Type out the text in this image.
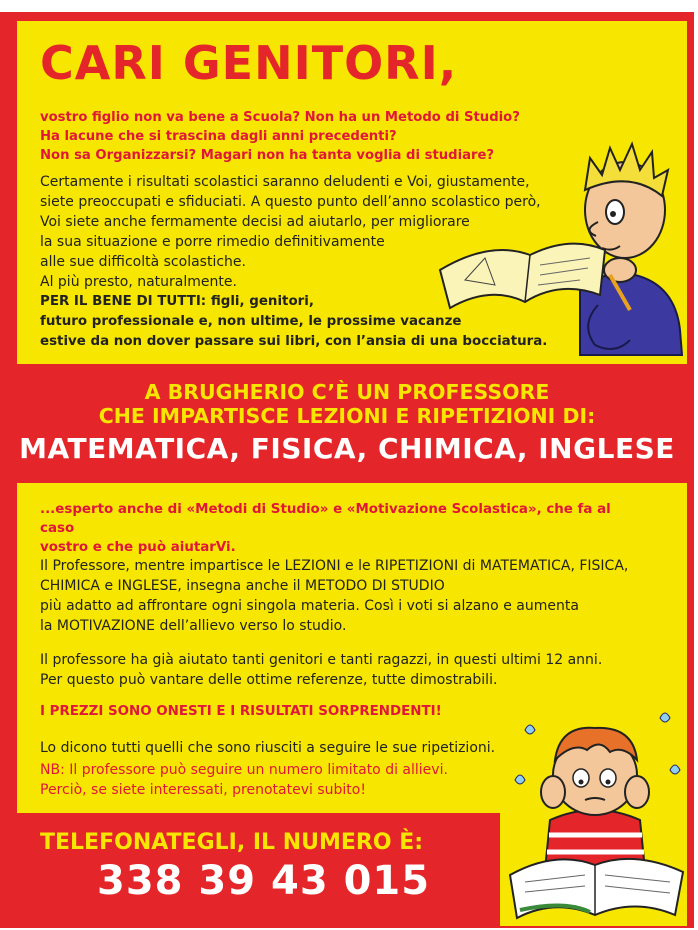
CARI GENITORI,
vostro figlio non va bene a Scuola? Non ha un Metodo di Studio?
Ha lacune che si trascina dagli anni precedenti?
Non sa Organizzarsi? Magari non ha tanta voglia di studiare?
Certamente i risultati scolastici saranno deludenti e Voi, giustamente,
siete preoccupati e sfiduciati. A questo punto dell’anno scolastico però,
Voi siete anche fermamente decisi ad aiutarlo, per migliorare
la sua situazione e porre rimedio definitivamente
alle sue difficoltà scolastiche.
Al più presto, naturalmente.
PER IL BENE DI TUTTI: figli, genitori,
futuro professionale e, non ultime, le prossime vacanze
estive da non dover passare sui libri, con l’ansia di una bocciatura.
A BRUGHERIO C’È UN PROFESSORE
CHE IMPARTISCE LEZIONI E RIPETIZIONI DI:
MATEMATICA, FISICA, CHIMICA, INGLESE
...esperto anche di «Metodi di Studio» e «Motivazione Scolastica», che fa al caso
vostro e che può aiutarVi.
Il Professore, mentre impartisce le LEZIONI e le RIPETIZIONI di MATEMATICA, FISICA,
CHIMICA e INGLESE, insegna anche il METODO DI STUDIO
più adatto ad affrontare ogni singola materia. Così i voti si alzano e aumenta
la MOTIVAZIONE dell’allievo verso lo studio.
Il professore ha già aiutato tanti genitori e tanti ragazzi, in questi ultimi 12 anni.
Per questo può vantare delle ottime referenze, tutte dimostrabili.
I PREZZI SONO ONESTI E I RISULTATI SORPRENDENTI!
Lo dicono tutti quelli che sono riusciti a seguire le sue ripetizioni.
NB: Il professore può seguire un numero limitato di allievi.
Perciò, se siete interessati, prenotatevi subito!
TELEFONATEGLI, IL NUMERO È:
338 39 43 015
